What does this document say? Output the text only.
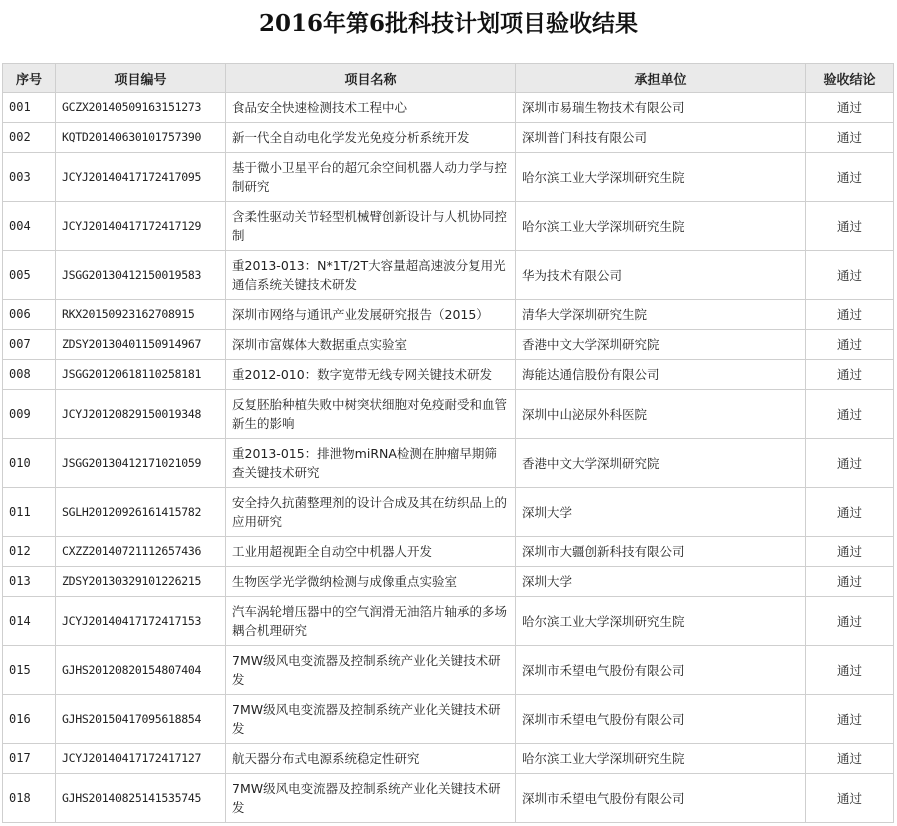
2016年第6批科技计划项目验收结果
序号	项目编号	项目名称	承担单位	验收结论
001	GCZX20140509163151273	食品安全快速检测技术工程中心	深圳市易瑞生物技术有限公司	通过
002	KQTD20140630101757390	新一代全自动电化学发光免疫分析系统开发	深圳普门科技有限公司	通过
003	JCYJ20140417172417095	基于微小卫星平台的超冗余空间机器人动力学与控制研究	哈尔滨工业大学深圳研究生院	通过
004	JCYJ20140417172417129	含柔性驱动关节轻型机械臂创新设计与人机协同控制	哈尔滨工业大学深圳研究生院	通过
005	JSGG20130412150019583	重2013-013：N*1T/2T大容量超高速波分复用光通信系统关键技术研发	华为技术有限公司	通过
006	RKX20150923162708915	深圳市网络与通讯产业发展研究报告（2015）	清华大学深圳研究生院	通过
007	ZDSY20130401150914967	深圳市富媒体大数据重点实验室	香港中文大学深圳研究院	通过
008	JSGG20120618110258181	重2012-010：数字宽带无线专网关键技术研发	海能达通信股份有限公司	通过
009	JCYJ20120829150019348	反复胚胎种植失败中树突状细胞对免疫耐受和血管新生的影响	深圳中山泌尿外科医院	通过
010	JSGG20130412171021059	重2013-015：排泄物miRNA检测在肿瘤早期筛查关键技术研究	香港中文大学深圳研究院	通过
011	SGLH20120926161415782	安全持久抗菌整理剂的设计合成及其在纺织品上的应用研究	深圳大学	通过
012	CXZZ20140721112657436	工业用超视距全自动空中机器人开发	深圳市大疆创新科技有限公司	通过
013	ZDSY20130329101226215	生物医学光学微纳检测与成像重点实验室	深圳大学	通过
014	JCYJ20140417172417153	汽车涡轮增压器中的空气润滑无油箔片轴承的多场耦合机理研究	哈尔滨工业大学深圳研究生院	通过
015	GJHS20120820154807404	7MW级风电变流器及控制系统产业化关键技术研发	深圳市禾望电气股份有限公司	通过
016	GJHS20150417095618854	7MW级风电变流器及控制系统产业化关键技术研发	深圳市禾望电气股份有限公司	通过
017	JCYJ20140417172417127	航天器分布式电源系统稳定性研究	哈尔滨工业大学深圳研究生院	通过
018	GJHS20140825141535745	7MW级风电变流器及控制系统产业化关键技术研发	深圳市禾望电气股份有限公司	通过
